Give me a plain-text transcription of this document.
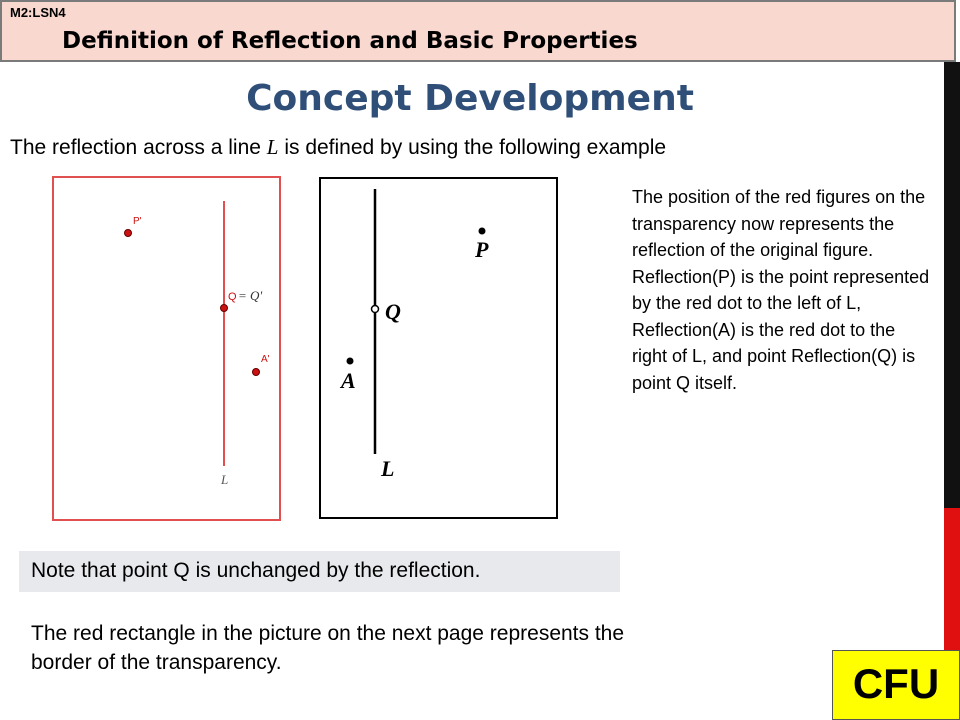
M2:LSN4
Definition of Reflection and Basic Properties
Concept Development
The reflection across a line L is defined by using the following example
P'
Q = Q'
A'
L
P
Q
A
L
The position of the red figures on the transparency now represents the reflection of the original figure. Reflection(P) is the point represented by the red dot to the left of L, Reflection(A) is the red dot to the right of L, and point Reflection(Q) is point Q itself.
Note that point Q is unchanged by the reflection.
The red rectangle in the picture on the next page represents the border of the transparency.	CFU
